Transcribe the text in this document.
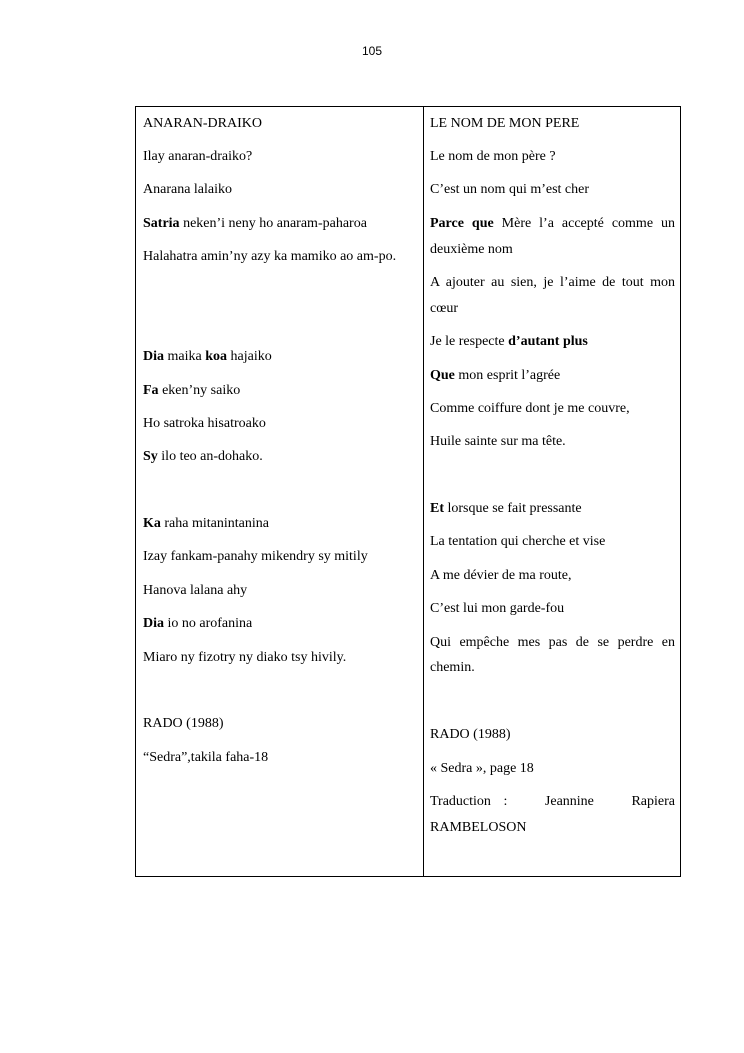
105
ANARAN-DRAIKO
Ilay anaran-draiko?
Anarana lalaiko
Satria neken’i neny ho anaram-paharoa
Halahatra amin’ny azy ka mamiko ao am-po.
Dia maika koa hajaiko
Fa eken’ny saiko
Ho satroka hisatroako
Sy ilo teo an-dohako.
Ka raha mitanintanina
Izay fankam-panahy mikendry sy mitily
Hanova lalana ahy
Dia io no arofanina
Miaro ny fizotry ny diako tsy hivily.
RADO (1988)
“Sedra”,takila faha-18
LE NOM DE MON PERE
Le nom de mon père ?
C’est un nom qui m’est cher
Parce que Mère l’a accepté comme un
deuxième nom
A ajouter au sien, je l’aime de tout mon
cœur
Je le respecte d’autant plus
Que mon esprit l’agrée
Comme coiffure dont je me couvre,
Huile sainte sur ma tête.
Et lorsque se fait pressante
La tentation qui cherche et vise
A me dévier de ma route,
C’est lui mon garde-fou
Qui empêche mes pas de se perdre en
chemin.
RADO (1988)
« Sedra », page 18
Traduction :   Jeannine   Rapiera
RAMBELOSON
